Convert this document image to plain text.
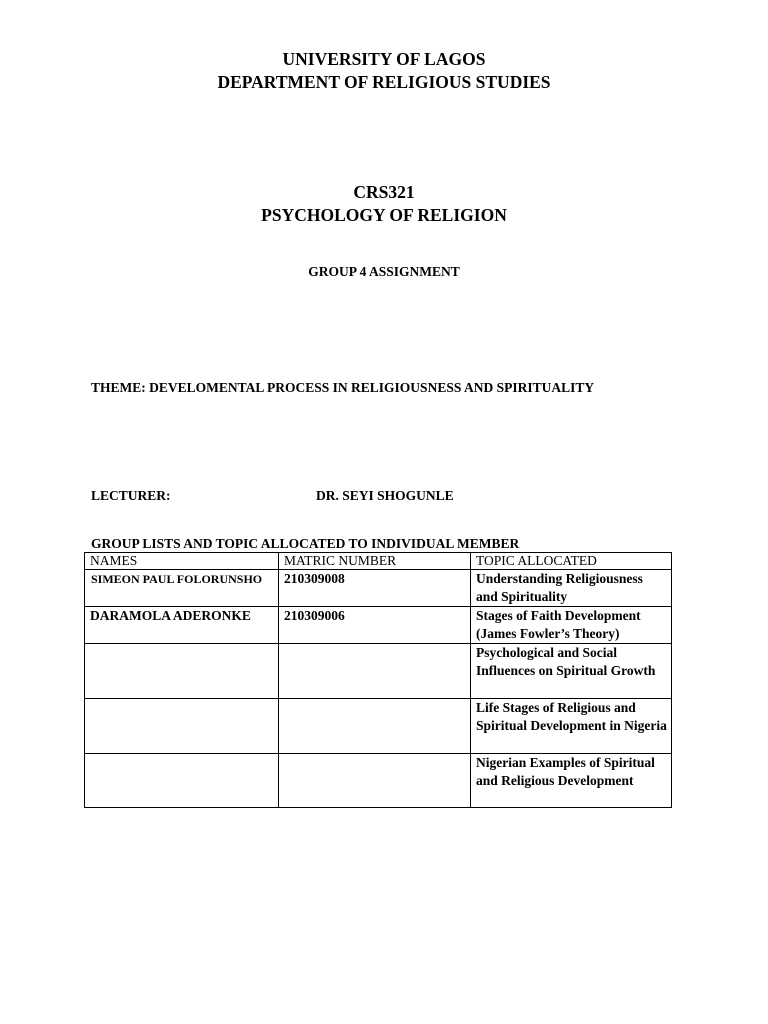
UNIVERSITY OF LAGOS
DEPARTMENT OF RELIGIOUS STUDIES
CRS321
PSYCHOLOGY OF RELIGION
GROUP 4 ASSIGNMENT
THEME: DEVELOMENTAL PROCESS IN RELIGIOUSNESS AND SPIRITUALITY
LECTURER:	DR. SEYI SHOGUNLE
GROUP LISTS AND TOPIC ALLOCATED TO INDIVIDUAL MEMBER
NAMES	MATRIC NUMBER	TOPIC ALLOCATED
SIMEON PAUL FOLORUNSHO	210309008	Understanding Religiousness and Spirituality
DARAMOLA ADERONKE	210309006	Stages of Faith Development (James Fowler’s Theory)
		Psychological and Social Influences on Spiritual Growth
		Life Stages of Religious and Spiritual Development in Nigeria
		Nigerian Examples of Spiritual and Religious Development
